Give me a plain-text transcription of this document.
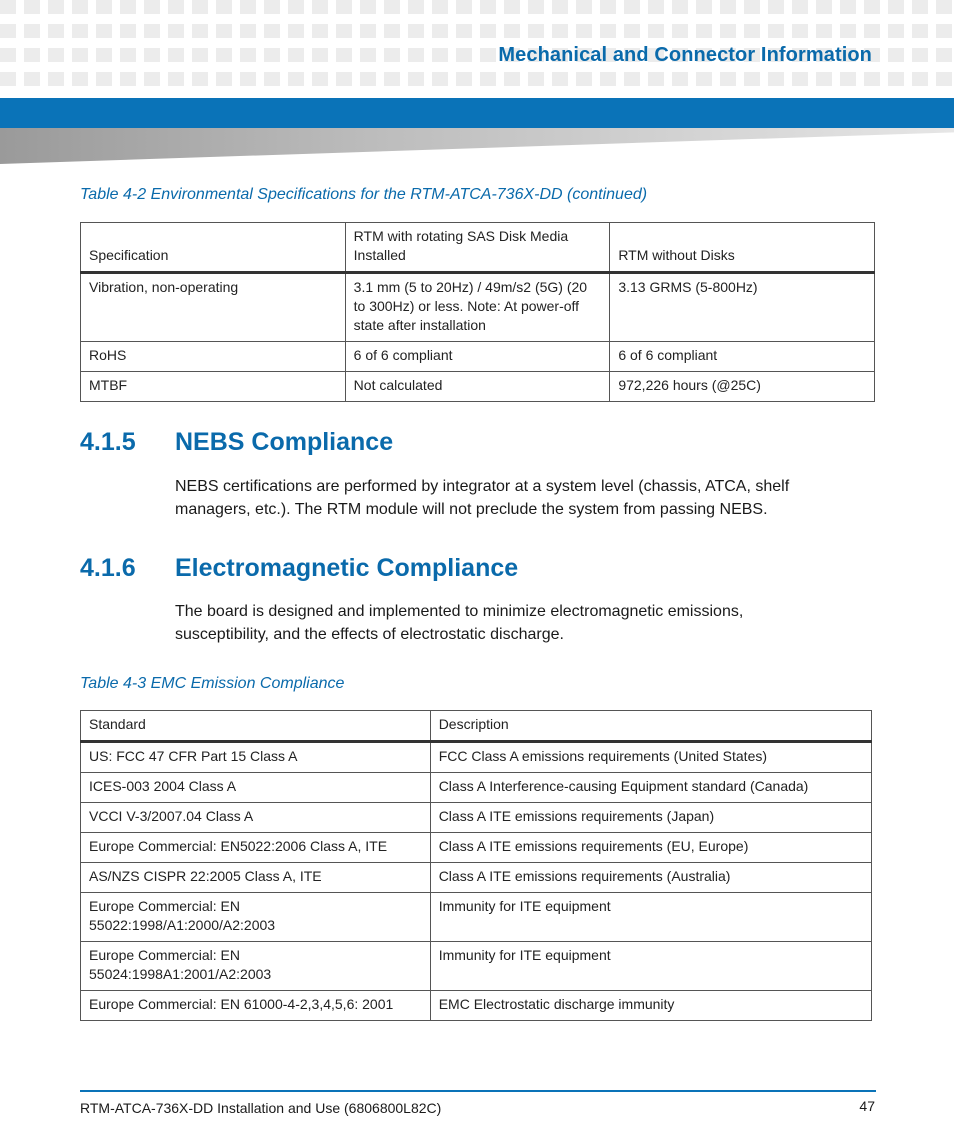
Mechanical and Connector Information
Table 4-2 Environmental Specifications for the RTM-ATCA-736X-DD (continued)
Specification	RTM with rotating SAS Disk Media Installed	RTM without Disks
Vibration, non-operating	3.1 mm (5 to 20Hz) / 49m/s2 (5G) (20 to 300Hz) or less. Note: At power-off state after installation	3.13 GRMS (5-800Hz)
RoHS	6 of 6 compliant	6 of 6 compliant
MTBF	Not calculated	972,226 hours (@25C)
4.1.5 NEBS Compliance
NEBS certifications are performed by integrator at a system level (chassis, ATCA, shelf managers, etc.). The RTM module will not preclude the system from passing NEBS.
4.1.6 Electromagnetic Compliance
The board is designed and implemented to minimize electromagnetic emissions, susceptibility, and the effects of electrostatic discharge.
Table 4-3 EMC Emission Compliance
Standard	Description
US: FCC 47 CFR Part 15 Class A	FCC Class A emissions requirements (United States)
ICES-003 2004 Class A	Class A Interference-causing Equipment standard (Canada)
VCCI V-3/2007.04 Class A	Class A ITE emissions requirements (Japan)
Europe Commercial: EN5022:2006 Class A, ITE	Class A ITE emissions requirements (EU, Europe)
AS/NZS CISPR 22:2005 Class A, ITE	Class A ITE emissions requirements (Australia)
Europe Commercial: EN 55022:1998/A1:2000/A2:2003	Immunity for ITE equipment
Europe Commercial: EN 55024:1998A1:2001/A2:2003	Immunity for ITE equipment
Europe Commercial: EN 61000-4-2,3,4,5,6: 2001	EMC Electrostatic discharge immunity
RTM-ATCA-736X-DD Installation and Use (6806800L82C)	47
